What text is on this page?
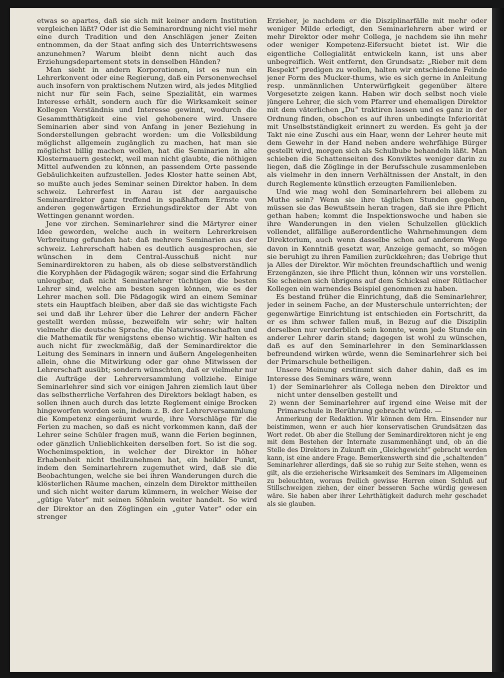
etwas so apartes, daß sie sich mit keiner andern Institution vergleichen läßt? Oder ist die Seminarordnung nicht viel mehr eine durch Tradition und den Anschlägen jener Zeiten entnommen, da der Staat anfing sich des Unterrichtswesens anzunehmen? Warum bleibt denn nicht auch das Erziehungsdepartement stets in denselben Händen?

Man sieht in andern Korporationen, ist es nun ein Lehrerkonvent oder eine Regierung, daß ein Personenwechsel auch insofern von praktischem Nutzen wird, als jedes Mitglied nicht nur für sein Fach, seine Spezialität, ein warmes Interesse erhält, sondern auch für die Wirksamkeit seiner Kollegen Verständnis und Interesse gewinnt, wodurch die Gesammtthätigkeit eine viel gehobenere wird. Unsere Seminarien aber sind von Anfang in jener Beziehung in Sonderstellungen gebracht worden: um die Volksbildung möglichst allgemein zugänglich zu machen, hat man sie möglichst billig machen wollen, hat die Seminarien in alte Klostermauern gesteckt, weil man nicht glaubte, die nöthigen Mittel aufwenden zu können, an passendem Orte passende Gebäulichkeiten aufzustellen. Jedes Kloster hatte seinen Abt, so mußte auch jedes Seminar seinen Direktor haben. In dem schweiz. Lehrerfest in Aarau ist der aargauische Seminardirektor ganz treffend in spaßhaftem Ernste von anderen gegenwärtigen Erziehungsdirektor der Abt von Wettingen genannt worden.

Jene vor zirchen. Seminarlehrer sind die Märtyrer einer Idee geworden, welche auch in weitern Lehrerkreisen Verbreitung gefunden hat: daß mehrere Seminarien aus der schweiz. Lehrerschaft haben es deutlich ausgesprochen, sie wünschen in dem Central-Ausschuß nicht nur Seminardirektoren zu haben, als ob diese selbstverständlich die Koryphäen der Pädagogik wären; sogar sind die Erfahrung unleugbar, daß nicht Seminarlehrer tüchtigen die besten Lehrer sind, welche am besten sagen können, wie es der Lehrer machen soll. Die Pädagogik wird an einem Seminar stets ein Hauptfach bleiben, aber daß sie das wichtigste Fach sei und daß ihr Lehrer über die Lehrer der andern Fächer gestellt werden müsse, bezweifeln wir sehr; wir halten vielmehr die deutsche Sprache, die Naturwissenschaften und die Mathematik für wenigstens ebenso wichtig. Wir halten es auch nicht für zweckmäßig, daß der Seminardirektor die Leitung des Seminars in innern und äußern Angelegenheiten allein, ohne die Mitwirkung oder gar ohne Mitwissen der Lehrerschaft ausübt; sondern wünschten, daß er vielmehr nur die Aufträge der Lehrerversammlung vollziehe. Einige Seminarlehrer sind sich vor einigen Jahren ziemlich laut über das selbstherrliche Verfahren des Direktors beklagt haben, es sollen ihnen auch durch das letzte Reglement einige Brocken hingeworfen worden sein, indem z. B. der Lehrerversammlung die Kompetenz eingeräumt wurde, ihre Vorschläge für die Ferien zu machen, so daß es nicht vorkommen kann, daß der Lehrer seine Schüler fragen muß, wann die Ferien beginnen, oder gänzlich Unlieblichkeiten derselben fort. So ist die sog. Wochenimspektion, in welcher der Direktor in höher Erhabenheit nicht theilzunehmen hat, ein heikler Punkt, indem den Seminarlehrern zugemuthet wird, daß sie die Beobachtungen, welche sie bei ihren Wanderungen durch die klösterlichen Räume machen, einzeln dem Direktor mittheilen und sich nicht weiter darum kümmern, in welcher Weise der „gütige Vater“ mit seinen Söhnlein weiter handelt. So wird der Direktor an den Zöglingen ein „guter Vater“ oder ein strenger

Erzieher, je nachdem er die Disziplinarfälle mit mehr oder weniger Milde erledigt, den Seminarlehrern aber wird er mehr Direktor oder mehr Collega, je nachdem sie ihn mehr oder weniger Kompetenz-Eifersucht bietet ist. Wir die eigentliche Collegialität entwickeln kann, ist uns aber unbegreiflich. Weit entfernt, den Grundsatz: „Rieber mit dem Respekt“ predigen zu wollen, halten wir entschiedene Feinde jener Form des Mucker-thums, wie es sich gerne in Anleitung resp. unmännlichen Unterwürfigkeit gegenüber ältere Vorgesetzte zeigen kann. Haben wir doch selbst noch viele jüngere Lehrer, die sich vom Pfarrer und ehemaligen Direktor mit dem väterlichen „Du“ traktiren lassen und es ganz in der Ordnung finden, obschon es auf ihren unbedingte Inferiorität mit Unselbstständigkeit erinnert zu werden. Es geht ja der Takt nie eine Zuschi aus ein Haar, wenn der Lehrer heute mit dem Gewehr in der Hand neben andere wehrfähige Bürger gestellt wird, morgen sich als Schulbube behandeln läßt. Man schieben die Schattenseiten des Konviktes weniger darin zu liegen, daß die Zöglinge in der Berufsschule zusammenleben als vielmehr in den innern Verhältnissen der Anstalt, in den durch Reglemente künstlich erzeugten Familienleben.

Und wie mag wohl den Seminarlehrern bei allebem zu Muthe sein? Wenn sie ihre täglichen Stunden gegeben, müssen sie das Bewußtsein heran tragen, daß sie ihre Pflicht gethan haben; kommt die Inspektionswoche und haben sie ihre Wanderungen in den vielen Schulzellen glücklich vollendet, allfällige außerordentliche Wahrnehmungen dem Direktorium, auch wenn dasselbe schon auf anderem Wege davon in Kenntniß gesetzt war, Anzeige gemacht, so mögen sie beruhigt zu ihren Familien zurückkehren; das Uebrige thut ja Alles der Direktor. Wir möchten freundschaftlich und wenig Erzengänzen, sie ihre Pflicht thun, können wir uns vorstellen. Sie scheinen sich übrigens auf dem Schicksal einer Rütlacher Kollegen ein warnendes Beispiel genommen zu haben.

Es bestand früher die Einrichtung, daß die Seminarlehrer, jeder in seinem Fache, an der Musterschule unterrichten; der gegenwärtige Einrichtung ist entschieden ein Fortschritt, da er es ihm schwer fallen muß, in Bezug auf die Disziplin derselben nur verderblich sein konnte, wenn jede Stunde ein anderer Lehrer darin stand; dagegen ist wohl zu wünschen, daß es auf den Seminarlehrer in den Seminarklassen befreundend wirken würde, wenn die Seminarlehrer sich bei der Primarschule betheiligen.

Unsere Meinung erstimmt sich daher dahin, daß es im Interesse des Seminars wäre, wenn

1) der Seminarlehrer als Collega neben den Direktor und nicht unter denselben gestellt und

2) wenn der Seminarlehrer auf irgend eine Weise mit der Primarschule in Berührung gebracht würde. —

Anmerkung der Redaktion. Wir können dem Hrn. Einsender nur beistimmen, wenn er auch hier konservatischen Grundsätzen das Wort redet. Ob aber die Stellung der Seminardirektoren nicht je eng mit dem Bestehen der Internate zusammenhängt und, ob an die Stelle des Direktors in Zukunft ein „Gleichgewicht“ gebracht werden kann, ist eine andere Frage. Bemerkenswerth sind die „schaltenden“ Seminarlehrer allerdings, daß sie so ruhig zur Seite stehen, wenn es gilt, als die erzieherische Wirksamkeit des Seminars im Allgemeinen zu beleuchten, woraus freilich gewisse Herren einen Schluß auf Stillschweigen ziehen, der einer besseren Sache würdig gewesen wäre. Sie haben aber ihrer Lehrthätigkeit dadurch mehr geschadet als sie glauben.
